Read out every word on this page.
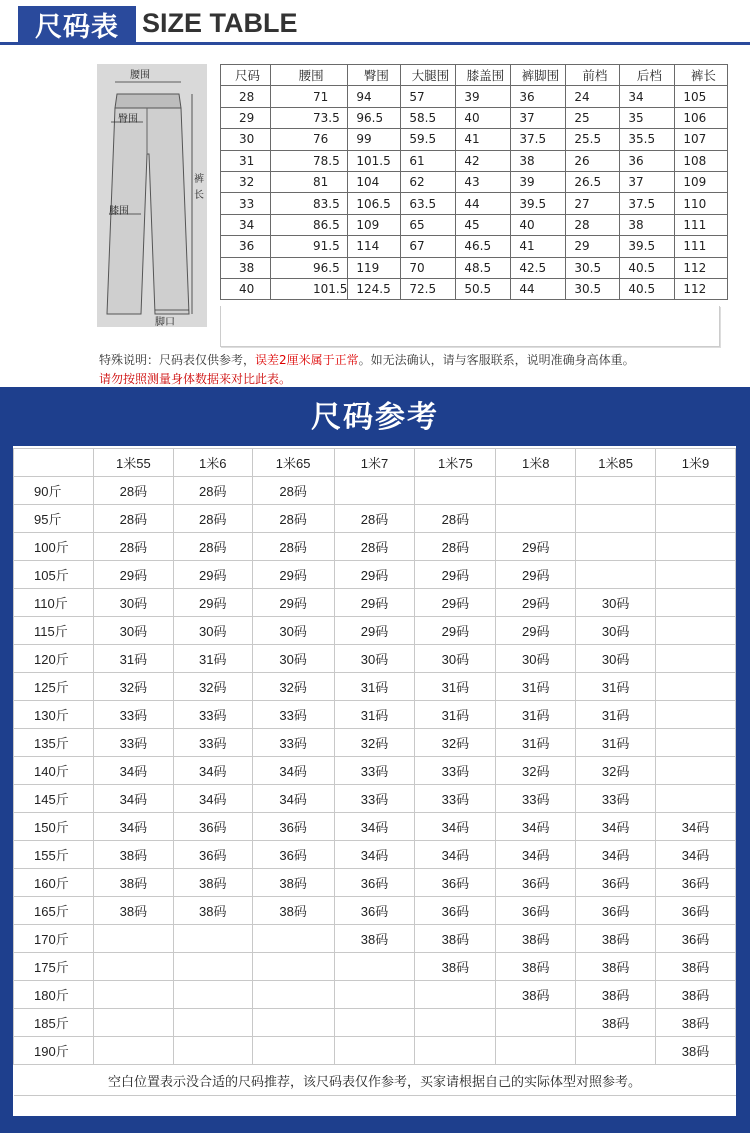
尺码表 SIZE TABLE
腰围
臀围
膝围
裤长
脚口
尺码	腰围	臀围	大腿围	膝盖围	裤脚围	前档	后档	裤长
28	71	94	57	39	36	24	34	105
29	73.5	96.5	58.5	40	37	25	35	106
30	76	99	59.5	41	37.5	25.5	35.5	107
31	78.5	101.5	61	42	38	26	36	108
32	81	104	62	43	39	26.5	37	109
33	83.5	106.5	63.5	44	39.5	27	37.5	110
34	86.5	109	65	45	40	28	38	111
36	91.5	114	67	46.5	41	29	39.5	111
38	96.5	119	70	48.5	42.5	30.5	40.5	112
40	101.5	124.5	72.5	50.5	44	30.5	40.5	112
特殊说明：尺码表仅供参考，误差2厘米属于正常。如无法确认，请与客服联系，说明准确身高体重。
请勿按照测量身体数据来对比此表。
尺码参考
	1米55	1米6	1米65	1米7	1米75	1米8	1米85	1米9
90斤	28码	28码	28码					
95斤	28码	28码	28码	28码	28码			
100斤	28码	28码	28码	28码	28码	29码		
105斤	29码	29码	29码	29码	29码	29码		
110斤	30码	29码	29码	29码	29码	29码	30码	
115斤	30码	30码	30码	29码	29码	29码	30码	
120斤	31码	31码	30码	30码	30码	30码	30码	
125斤	32码	32码	32码	31码	31码	31码	31码	
130斤	33码	33码	33码	31码	31码	31码	31码	
135斤	33码	33码	33码	32码	32码	31码	31码	
140斤	34码	34码	34码	33码	33码	32码	32码	
145斤	34码	34码	34码	33码	33码	33码	33码	
150斤	34码	36码	36码	34码	34码	34码	34码	34码
155斤	38码	36码	36码	34码	34码	34码	34码	34码
160斤	38码	38码	38码	36码	36码	36码	36码	36码
165斤	38码	38码	38码	36码	36码	36码	36码	36码
170斤				38码	38码	38码	38码	36码
175斤					38码	38码	38码	38码
180斤						38码	38码	38码
185斤							38码	38码
190斤								38码
空白位置表示没合适的尺码推荐，该尺码表仅作参考，买家请根据自己的实际体型对照参考。								
